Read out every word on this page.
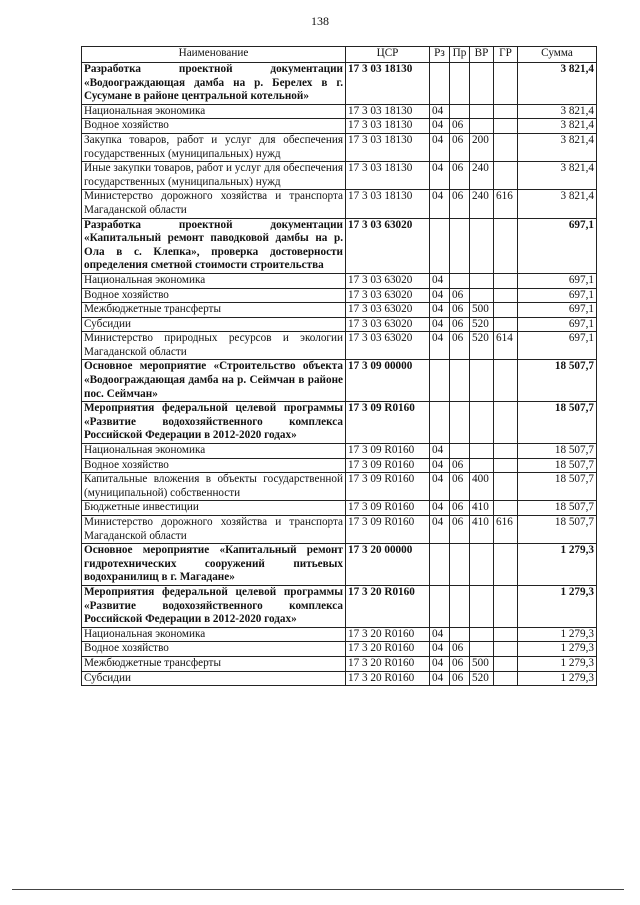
138
Наименование	ЦСР	Рз	Пр	ВР	ГР	Сумма
Разработка проектной документации «Водоограждающая дамба на р. Берелех в г. Сусумане в районе центральной котельной»	17 3 03 18130					3 821,4
Национальная экономика	17 3 03 18130	04				3 821,4
Водное хозяйство	17 3 03 18130	04	06			3 821,4
Закупка товаров, работ и услуг для обеспечения государственных (муниципальных) нужд	17 3 03 18130	04	06	200		3 821,4
Иные закупки товаров, работ и услуг для обеспечения государственных (муниципальных) нужд	17 3 03 18130	04	06	240		3 821,4
Министерство дорожного хозяйства и транспорта Магаданской области	17 3 03 18130	04	06	240	616	3 821,4
Разработка проектной документации «Капитальный ремонт паводковой дамбы на р. Ола в с. Клепка», проверка достоверности определения сметной стоимости строительства	17 3 03 63020					697,1
Национальная экономика	17 3 03 63020	04				697,1
Водное хозяйство	17 3 03 63020	04	06			697,1
Межбюджетные трансферты	17 3 03 63020	04	06	500		697,1
Субсидии	17 3 03 63020	04	06	520		697,1
Министерство природных ресурсов и экологии Магаданской области	17 3 03 63020	04	06	520	614	697,1
Основное мероприятие «Строительство объекта «Водоограждающая дамба на р. Сеймчан в районе пос. Сеймчан»	17 3 09 00000					18 507,7
Мероприятия федеральной целевой программы «Развитие водохозяйственного комплекса Российской Федерации в 2012-2020 годах»	17 3 09 R0160					18 507,7
Национальная экономика	17 3 09 R0160	04				18 507,7
Водное хозяйство	17 3 09 R0160	04	06			18 507,7
Капитальные вложения в объекты государственной (муниципальной) собственности	17 3 09 R0160	04	06	400		18 507,7
Бюджетные инвестиции	17 3 09 R0160	04	06	410		18 507,7
Министерство дорожного хозяйства и транспорта Магаданской области	17 3 09 R0160	04	06	410	616	18 507,7
Основное мероприятие «Капитальный ремонт гидротехнических сооружений питьевых водохранилищ в г. Магадане»	17 3 20 00000					1 279,3
Мероприятия федеральной целевой программы «Развитие водохозяйственного комплекса Российской Федерации в 2012-2020 годах»	17 3 20 R0160					1 279,3
Национальная экономика	17 3 20 R0160	04				1 279,3
Водное хозяйство	17 3 20 R0160	04	06			1 279,3
Межбюджетные трансферты	17 3 20 R0160	04	06	500		1 279,3
Субсидии	17 3 20 R0160	04	06	520		1 279,3
